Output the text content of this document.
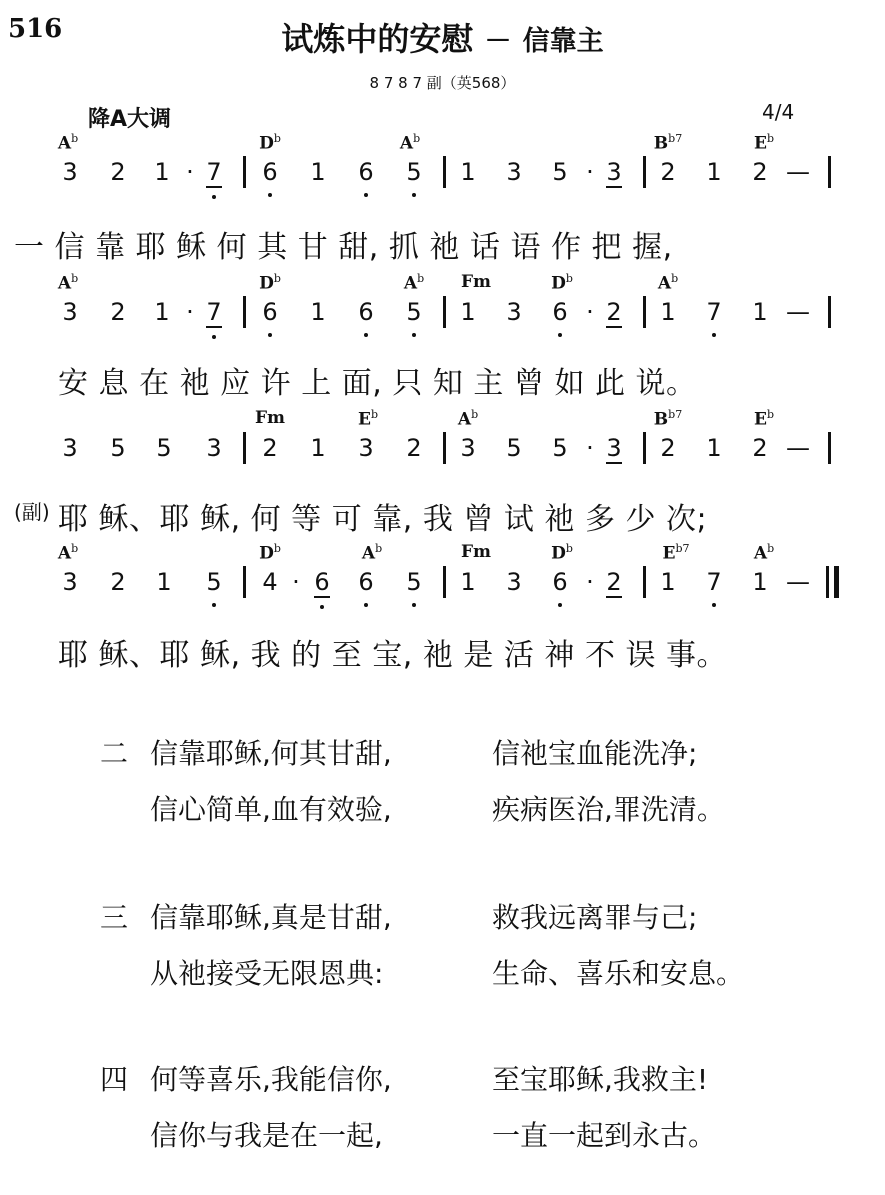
516	试炼中的安慰 － 信靠主
8 7 8 7 副（英568）
降A大调	4/4
$A^b$	$D^b$	$A^b$	$B^{b7}$	$E^b$
3	2	1 · 7	6	1	6	5	1	3	5 · 3	2	1	2 —
一 信 靠 耶 稣 何 其 甘 甜, 抓 祂 话 语 作 把 握,
$A^b$	$D^b$	$A^b$ Fm	$D^b$	$A^b$
3	2	1 · 7	6	1	6	5	1	3	6 · 2	1	7	1 —
安 息 在 祂 应 许 上 面, 只 知 主 曾 如 此 说。
Fm	$E^b$	$A^b$	$B^{b7}$	$E^b$
3	5	5	3	2	1	3	2	3	5	5 · 3	2	1	2 —
耶 稣、耶 稣, 何 等 可 靠, 我 曾 试 祂 多 少 次;
$A^b$	$D^b$	$A^b$	Fm	$D^b$	$E^{b7}$	$A^b$
3	2	1	5	4 · 6	6	5	1	3	6 · 2	1	7	1 —
耶 稣、耶 稣, 我 的 至 宝, 祂 是 活 神 不 误 事。
(副)
二 信靠耶稣,何其甘甜,	信祂宝血能洗净;
信心简单,血有效验,	疾病医治,罪洗清。
三 信靠耶稣,真是甘甜,	救我远离罪与己;
从祂接受无限恩典:	生命、喜乐和安息。
四 何等喜乐,我能信你,	至宝耶稣,我救主!
信你与我是在一起,	一直一起到永古。
